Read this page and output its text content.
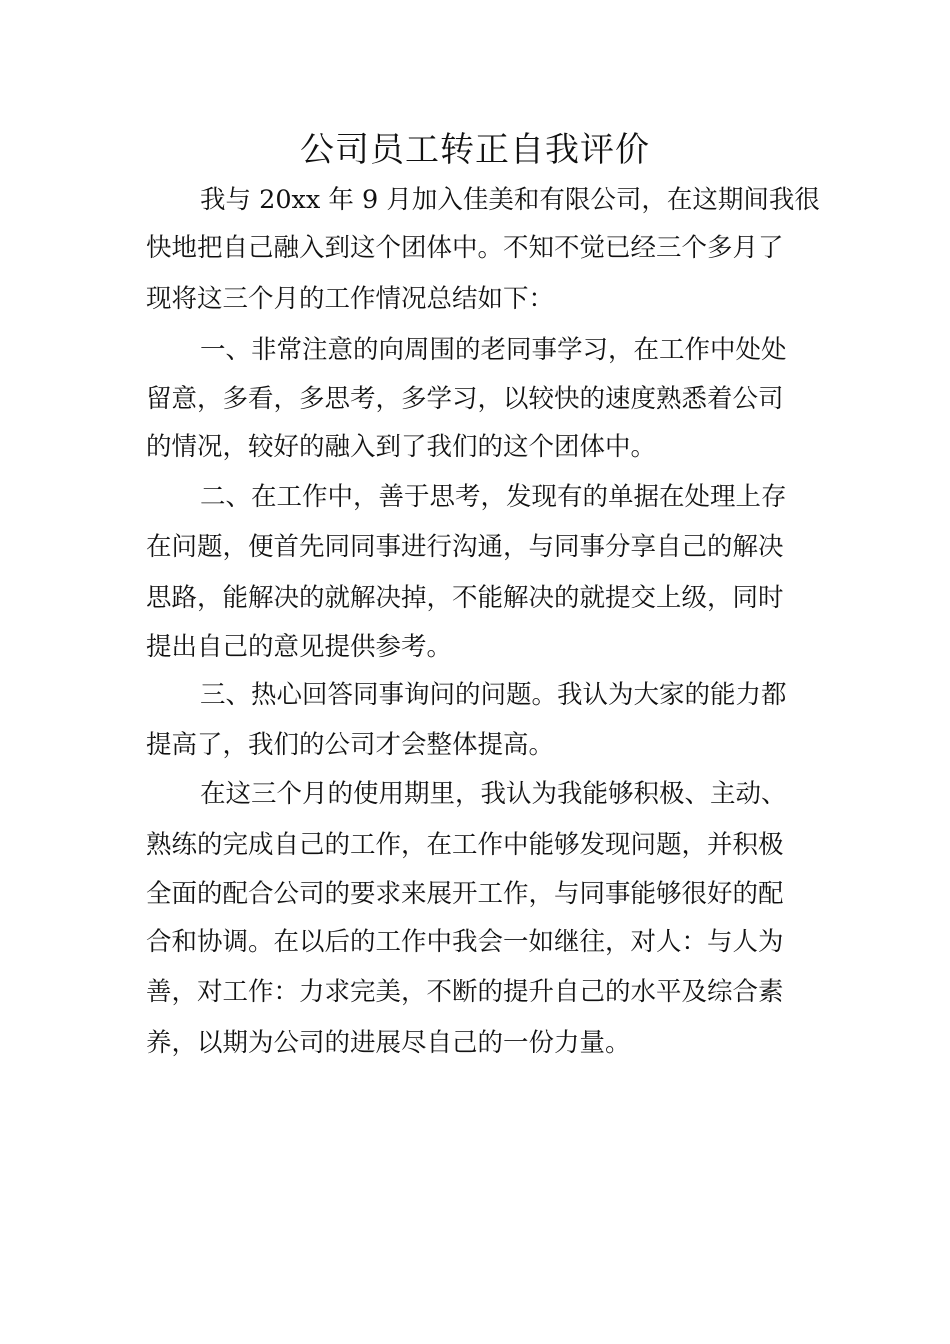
公司员工转正自我评价
我与 20xx 年 9 月加入佳美和有限公司，在这期间我很
快地把自己融入到这个团体中。不知不觉已经三个多月了
现将这三个月的工作情况总结如下：
一、非常注意的向周围的老同事学习，在工作中处处
留意，多看，多思考，多学习，以较快的速度熟悉着公司
的情况，较好的融入到了我们的这个团体中。
二、在工作中，善于思考，发现有的单据在处理上存
在问题，便首先同同事进行沟通，与同事分享自己的解决
思路，能解决的就解决掉，不能解决的就提交上级，同时
提出自己的意见提供参考。
三、热心回答同事询问的问题。我认为大家的能力都
提高了，我们的公司才会整体提高。
在这三个月的使用期里，我认为我能够积极、主动、
熟练的完成自己的工作，在工作中能够发现问题，并积极
全面的配合公司的要求来展开工作，与同事能够很好的配
合和协调。在以后的工作中我会一如继往，对人：与人为
善，对工作：力求完美，不断的提升自己的水平及综合素
养，以期为公司的进展尽自己的一份力量。
